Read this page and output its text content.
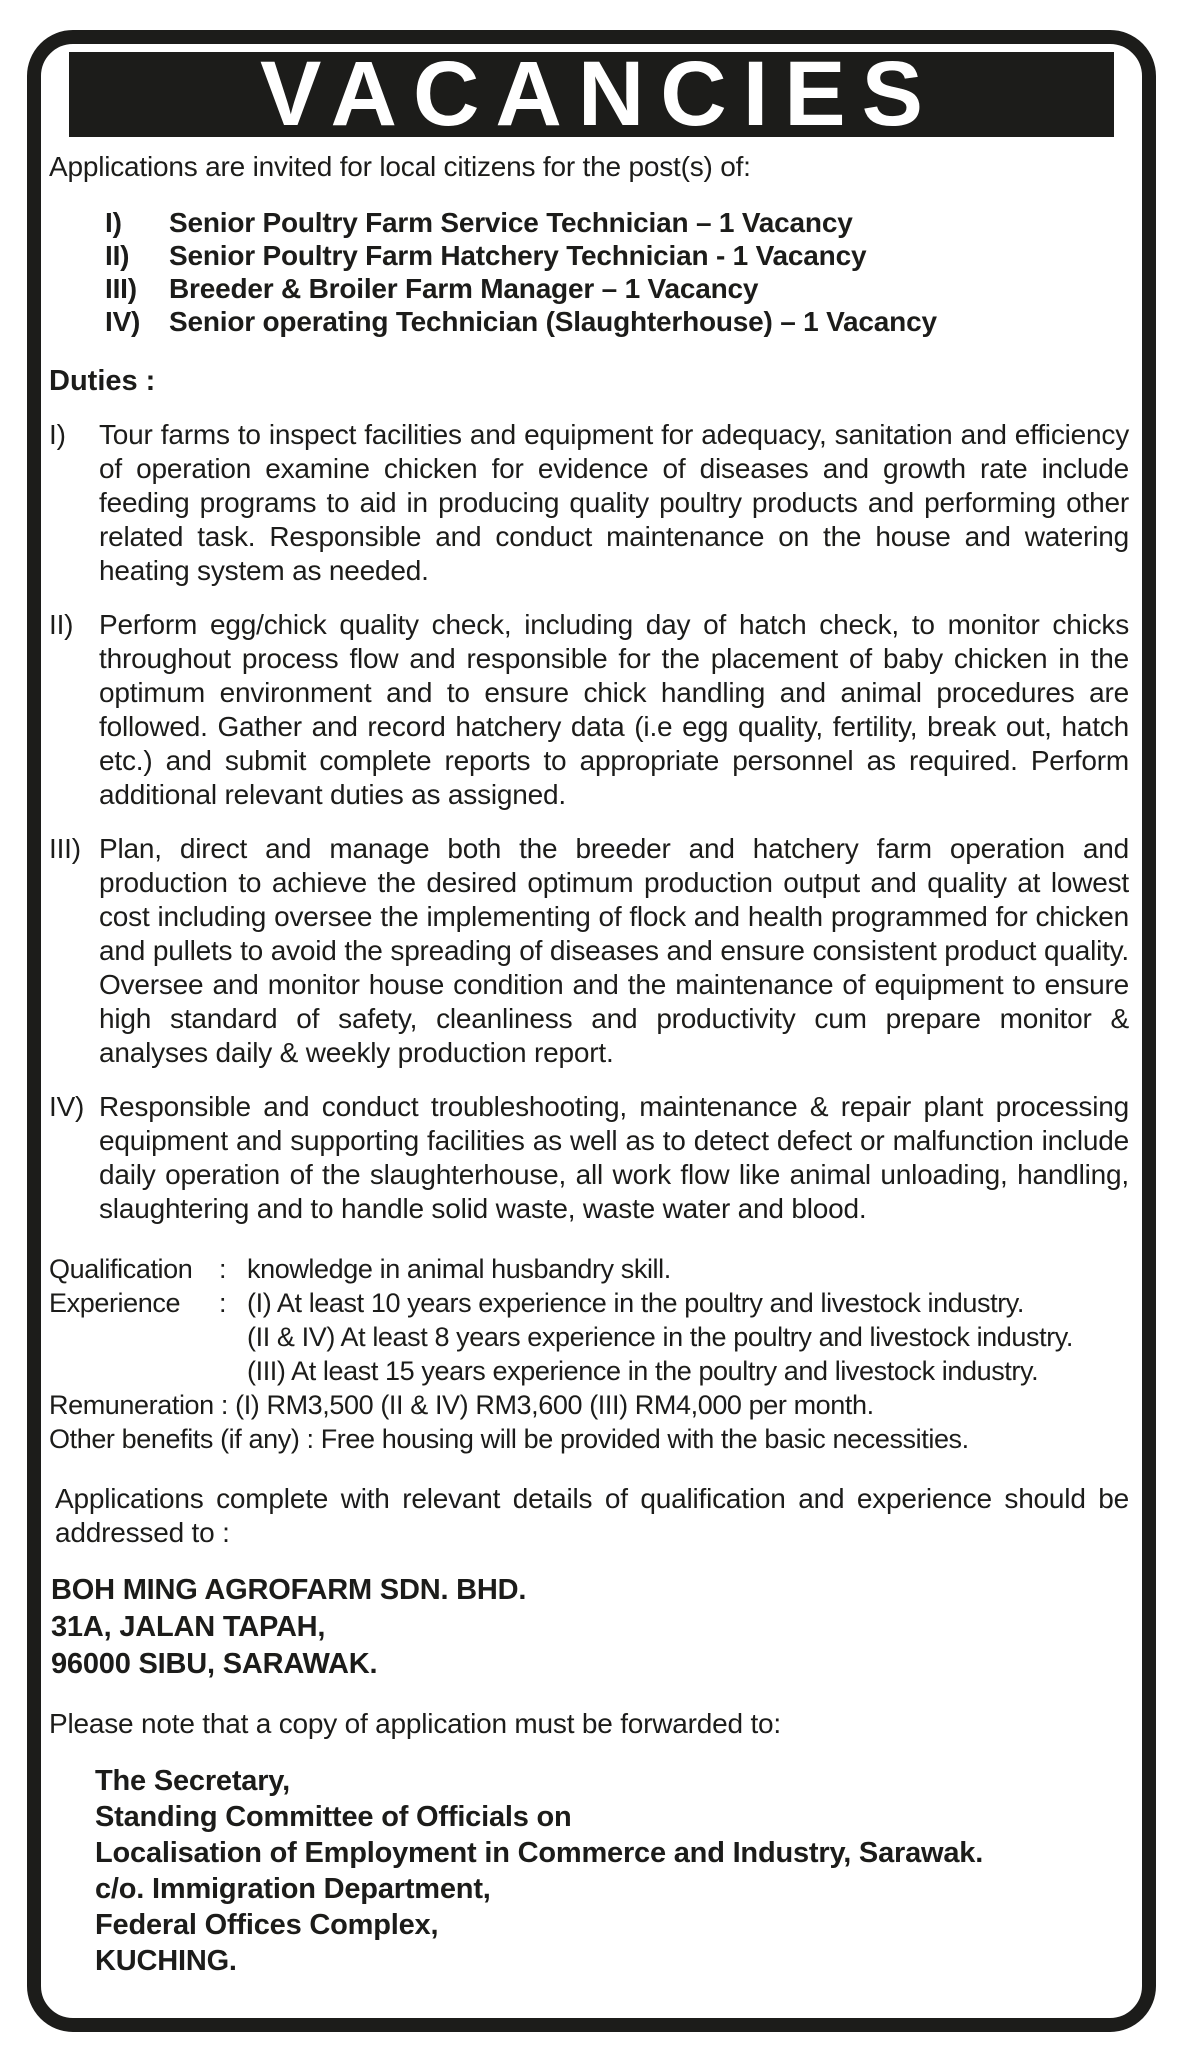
VACANCIES
Applications are invited for local citizens for the post(s) of:
I) Senior Poultry Farm Service Technician – 1 Vacancy
II) Senior Poultry Farm Hatchery Technician - 1 Vacancy
III) Breeder & Broiler Farm Manager – 1 Vacancy
IV) Senior operating Technician (Slaughterhouse) – 1 Vacancy
Duties :
I) Tour farms to inspect facilities and equipment for adequacy, sanitation and efficiency of operation examine chicken for evidence of diseases and growth rate include feeding programs to aid in producing quality poultry products and performing other related task. Responsible and conduct maintenance on the house and watering heating system as needed.
II) Perform egg/chick quality check, including day of hatch check, to monitor chicks throughout process flow and responsible for the placement of baby chicken in the optimum environment and to ensure chick handling and animal procedures are followed. Gather and record hatchery data (i.e egg quality, fertility, break out, hatch etc.) and submit complete reports to appropriate personnel as required. Perform additional relevant duties as assigned.
III) Plan, direct and manage both the breeder and hatchery farm operation and production to achieve the desired optimum production output and quality at lowest cost including oversee the implementing of flock and health programmed for chicken and pullets to avoid the spreading of diseases and ensure consistent product quality. Oversee and monitor house condition and the maintenance of equipment to ensure high standard of safety, cleanliness and productivity cum prepare monitor & analyses daily & weekly production report.
IV) Responsible and conduct troubleshooting, maintenance & repair plant processing equipment and supporting facilities as well as to detect defect or malfunction include daily operation of the slaughterhouse, all work flow like animal unloading, handling, slaughtering and to handle solid waste, waste water and blood.
Qualification : knowledge in animal husbandry skill.
Experience	: (I) At least 10 years experience in the poultry and livestock industry.
(II & IV) At least 8 years experience in the poultry and livestock industry.
(III) At least 15 years experience in the poultry and livestock industry.
Remuneration : (I) RM3,500 (II & IV) RM3,600 (III) RM4,000 per month.
Other benefits (if any) : Free housing will be provided with the basic necessities.
Applications complete with relevant details of qualification and experience should be addressed to :
BOH MING AGROFARM SDN. BHD.
31A, JALAN TAPAH,
96000 SIBU, SARAWAK.
Please note that a copy of application must be forwarded to:
The Secretary,
Standing Committee of Officials on
Localisation of Employment in Commerce and Industry, Sarawak.
c/o. Immigration Department,
Federal Offices Complex,
KUCHING.
